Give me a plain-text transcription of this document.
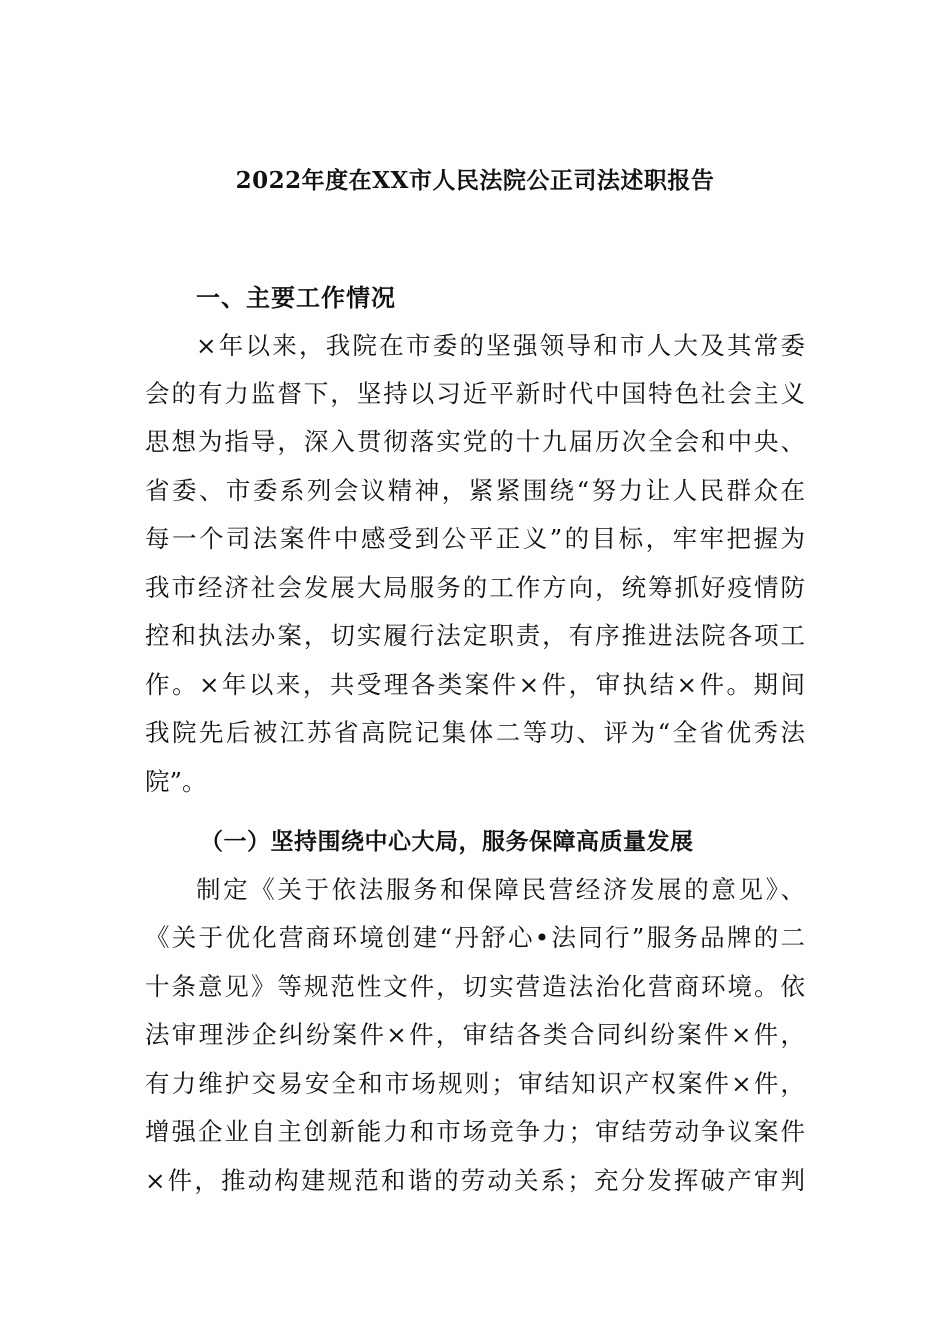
2022年度在XX市人民法院公正司法述职报告
一、主要工作情况
×年以来，我院在市委的坚强领导和市人大及其常委
会的有力监督下，坚持以习近平新时代中国特色社会主义
思想为指导，深入贯彻落实党的十九届历次全会和中央、
省委、市委系列会议精神，紧紧围绕“努力让人民群众在
每一个司法案件中感受到公平正义”的目标，牢牢把握为
我市经济社会发展大局服务的工作方向，统筹抓好疫情防
控和执法办案，切实履行法定职责，有序推进法院各项工
作。×年以来，共受理各类案件×件，审执结×件。期间
我院先后被江苏省高院记集体二等功、评为“全省优秀法
院”。
（一）坚持围绕中心大局，服务保障高质量发展
制定《关于依法服务和保障民营经济发展的意见》、
《关于优化营商环境创建“丹舒心•法同行”服务品牌的二
十条意见》等规范性文件，切实营造法治化营商环境。依
法审理涉企纠纷案件×件，审结各类合同纠纷案件×件，
有力维护交易安全和市场规则；审结知识产权案件×件，
增强企业自主创新能力和市场竞争力；审结劳动争议案件
×件，推动构建规范和谐的劳动关系；充分发挥破产审判
